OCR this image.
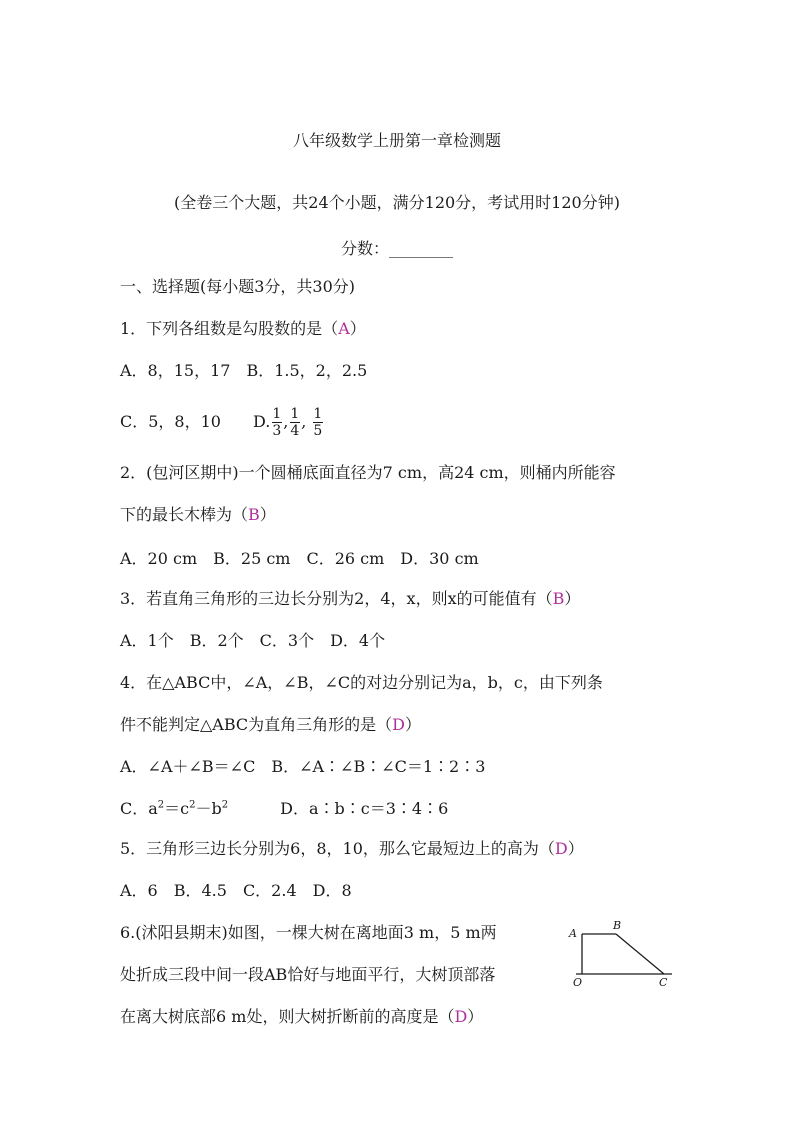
八年级数学上册第一章检测题
(全卷三个大题，共24个小题，满分120分，考试用时120分钟)
分数：________
一、选择题(每小题3分，共30分)
1．下列各组数是勾股数的是（A）
A．8，15，17　B．1.5，2，2.5
C．5，8，10　　D. $\frac{1}{3}$ , $\frac{1}{4}$ , $\frac{1}{5}$
2．(包河区期中)一个圆桶底面直径为7 cm，高24 cm，则桶内所能容
下的最长木棒为（B）
A．20 cm　B．25 cm　C．26 cm　D．30 cm
3．若直角三角形的三边长分别为2，4，x，则x的可能值有（B）
A．1个　B．2个　C．3个　D．4个
4．在△ABC中，∠A，∠B，∠C的对边分别记为a，b，c，由下列条
件不能判定△ABC为直角三角形的是（D）
A．∠A＋∠B＝∠C　B．∠A∶∠B∶∠C＝1∶2∶3
C．$a^2=c^2-b^2$	D．a∶b∶c＝3∶4∶6
5．三角形三边长分别为6，8，10，那么它最短边上的高为（D）
A．6　B．4.5　C．2.4　D．8
6.(沭阳县期末)如图，一棵大树在离地面3 m，5 m两
处折成三段中间一段AB恰好与地面平行，大树顶部落
在离大树底部6 m处，则大树折断前的高度是（D）
A
B
O	C
